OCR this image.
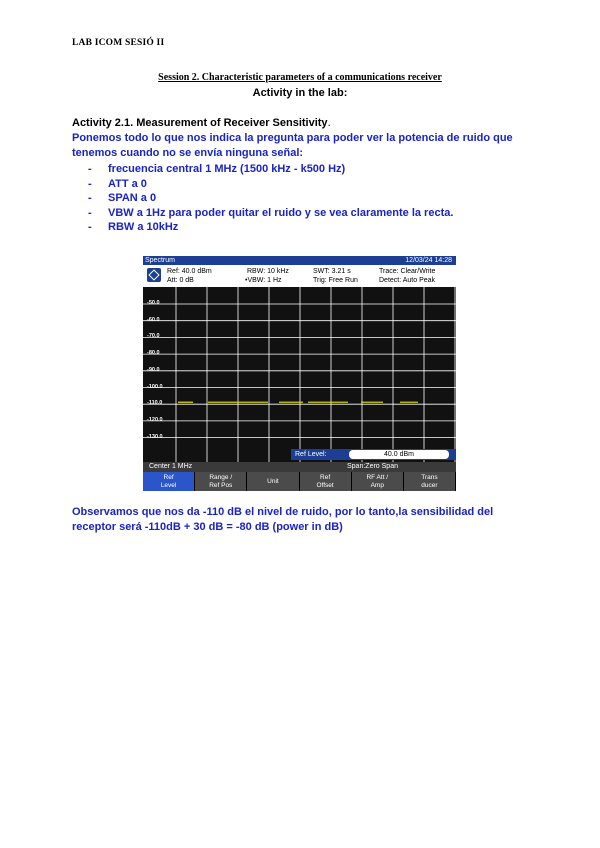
LAB ICOM SESIÓ II
Session 2. Characteristic parameters of a communications receiver
Activity in the lab:
Activity 2.1. Measurement of Receiver Sensitivity.
Ponemos todo lo que nos indica la pregunta para poder ver la potencia de ruido que tenemos cuando no se envía ninguna señal:
- frecuencia central 1 MHz (1500 kHz - k500 Hz)
- ATT a 0
- SPAN a 0
- VBW a 1Hz para poder quitar el ruido y se vea claramente la recta.
- RBW a 10kHz
Spectrum	12/03/24 14:28
Ref: 40.0 dBm
Att: 0 dB
RBW: 10 kHz
•VBW: 1 Hz
SWT: 3.21 s
Trig: Free Run
Trace: Clear/Write
Detect: Auto Peak
-50.0
-60.0
-70.0
-80.0
-90.0
-100.0
-110.0
-120.0
-130.0
Ref Level:	40.0 dBm
Center 1 MHz	Span:Zero Span
Ref
Level
Range /
Ref Pos
Unit
Ref
Offset
RF Att /
Amp
Trans
ducer
Observamos que nos da -110 dB el nivel de ruido, por lo tanto,la sensibilidad del receptor será -110dB + 30 dB = -80 dB (power in dB)
